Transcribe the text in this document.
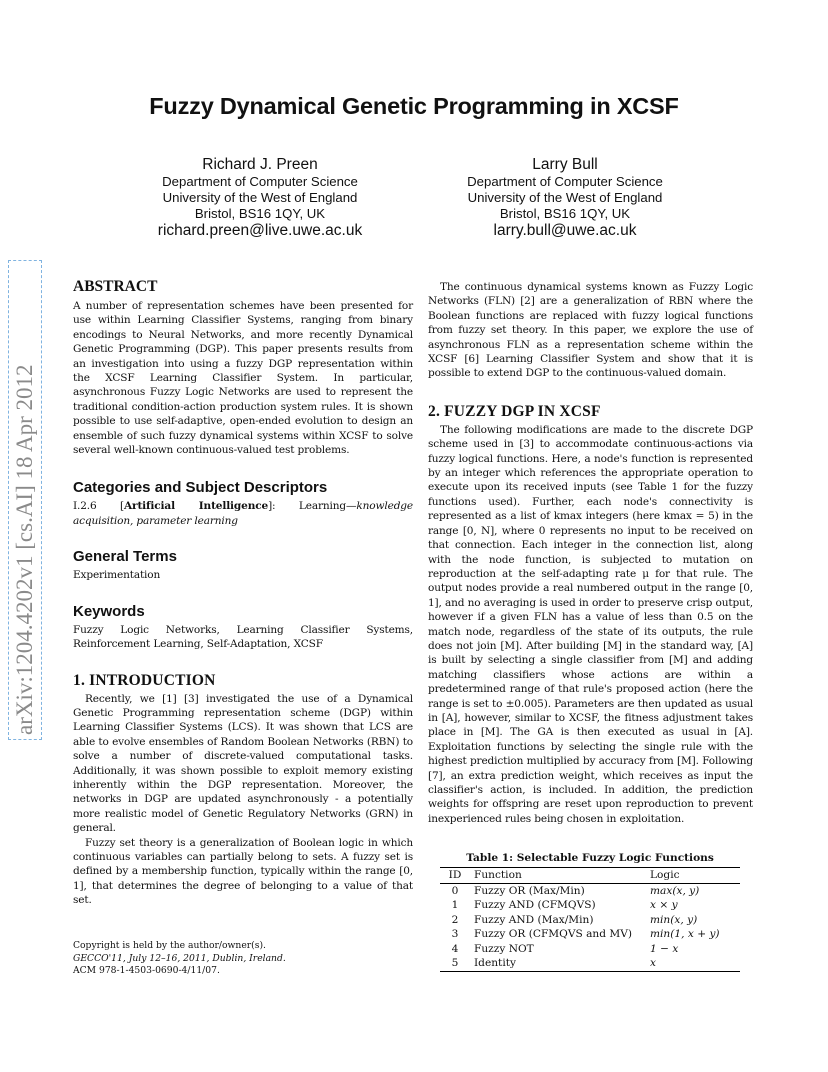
Fuzzy Dynamical Genetic Programming in XCSF
Richard J. Preen
Department of Computer Science
University of the West of England
Bristol, BS16 1QY, UK
richard.preen@live.uwe.ac.uk
Larry Bull
Department of Computer Science
University of the West of England
Bristol, BS16 1QY, UK
larry.bull@uwe.ac.uk
arXiv:1204.4202v1 [cs.AI] 18 Apr 2012
ABSTRACT

A number of representation schemes have been presented for use within Learning Classifier Systems, ranging from binary encodings to Neural Networks, and more recently Dynamical Genetic Programming (DGP). This paper presents results from an investigation into using a fuzzy DGP representation within the XCSF Learning Classifier System. In particular, asynchronous Fuzzy Logic Networks are used to represent the traditional condition-action production system rules. It is shown possible to use self-adaptive, open-ended evolution to design an ensemble of such fuzzy dynamical systems within XCSF to solve several well-known continuous-valued test problems.

Categories and Subject Descriptors

I.2.6 [Artificial Intelligence]: Learning—knowledge acquisition, parameter learning

General Terms

Experimentation

Keywords

Fuzzy Logic Networks, Learning Classifier Systems, Reinforcement Learning, Self-Adaptation, XCSF

1. INTRODUCTION

Recently, we [1] [3] investigated the use of a Dynamical Genetic Programming representation scheme (DGP) within Learning Classifier Systems (LCS). It was shown that LCS are able to evolve ensembles of Random Boolean Networks (RBN) to solve a number of discrete-valued computational tasks. Additionally, it was shown possible to exploit memory existing inherently within the DGP representation. Moreover, the networks in DGP are updated asynchronously - a potentially more realistic model of Genetic Regulatory Networks (GRN) in general.

Fuzzy set theory is a generalization of Boolean logic in which continuous variables can partially belong to sets. A fuzzy set is defined by a membership function, typically within the range [0, 1], that determines the degree of belonging to a value of that set.

Copyright is held by the author/owner(s).
GECCO'11, July 12–16, 2011, Dublin, Ireland.
ACM 978-1-4503-0690-4/11/07.

The continuous dynamical systems known as Fuzzy Logic Networks (FLN) [2] are a generalization of RBN where the Boolean functions are replaced with fuzzy logical functions from fuzzy set theory. In this paper, we explore the use of asynchronous FLN as a representation scheme within the XCSF [6] Learning Classifier System and show that it is possible to extend DGP to the continuous-valued domain.

2. FUZZY DGP IN XCSF

The following modifications are made to the discrete DGP scheme used in [3] to accommodate continuous-actions via fuzzy logical functions. Here, a node's function is represented by an integer which references the appropriate operation to execute upon its received inputs (see Table 1 for the fuzzy functions used). Further, each node's connectivity is represented as a list of kmax integers (here kmax = 5) in the range [0, N], where 0 represents no input to be received on that connection. Each integer in the connection list, along with the node function, is subjected to mutation on reproduction at the self-adapting rate μ for that rule. The output nodes provide a real numbered output in the range [0, 1], and no averaging is used in order to preserve crisp output, however if a given FLN has a value of less than 0.5 on the match node, regardless of the state of its outputs, the rule does not join [M]. After building [M] in the standard way, [A] is built by selecting a single classifier from [M] and adding matching classifiers whose actions are within a predetermined range of that rule's proposed action (here the range is set to ±0.005). Parameters are then updated as usual in [A], however, similar to XCSF, the fitness adjustment takes place in [M]. The GA is then executed as usual in [A]. Exploitation functions by selecting the single rule with the highest prediction multiplied by accuracy from [M]. Following [7], an extra prediction weight, which receives as input the classifier's action, is included. In addition, the prediction weights for offspring are reset upon reproduction to prevent inexperienced rules being chosen in exploitation.

Table 1: Selectable Fuzzy Logic Functions
ID	Function	Logic
0	Fuzzy OR (Max/Min)	max(x, y)
1	Fuzzy AND (CFMQVS)	x × y
2	Fuzzy AND (Max/Min)	min(x, y)
3	Fuzzy OR (CFMQVS and MV)	min(1, x + y)
4	Fuzzy NOT	1 − x
5	Identity	x
